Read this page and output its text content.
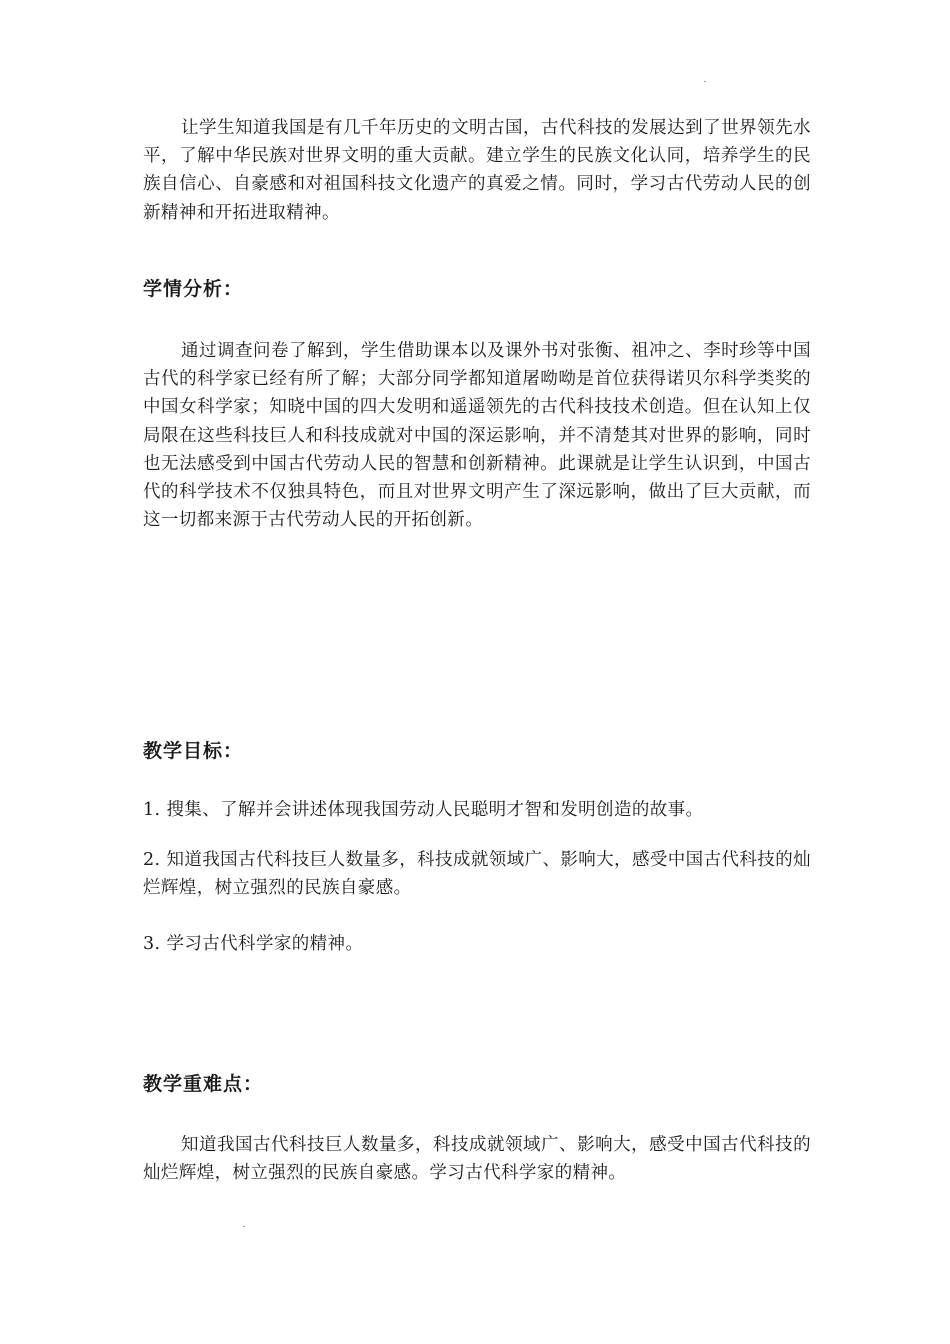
让学生知道我国是有几千年历史的文明古国，古代科技的发展达到了世界领先水平，了解中华民族对世界文明的重大贡献。建立学生的民族文化认同，培养学生的民族自信心、自豪感和对祖国科技文化遗产的真爱之情。同时，学习古代劳动人民的创新精神和开拓进取精神。

学情分析：

通过调查问卷了解到，学生借助课本以及课外书对张衡、祖冲之、李时珍等中国古代的科学家已经有所了解；大部分同学都知道屠呦呦是首位获得诺贝尔科学类奖的中国女科学家；知晓中国的四大发明和遥遥领先的古代科技技术创造。但在认知上仅局限在这些科技巨人和科技成就对中国的深运影响，并不清楚其对世界的影响，同时也无法感受到中国古代劳动人民的智慧和创新精神。此课就是让学生认识到，中国古代的科学技术不仅独具特色，而且对世界文明产生了深远影响，做出了巨大贡献，而这一切都来源于古代劳动人民的开拓创新。

教学目标：

1. 搜集、了解并会讲述体现我国劳动人民聪明才智和发明创造的故事。

2. 知道我国古代科技巨人数量多，科技成就领域广、影响大，感受中国古代科技的灿烂辉煌，树立强烈的民族自豪感。

3. 学习古代科学家的精神。

教学重难点：

知道我国古代科技巨人数量多，科技成就领域广、影响大，感受中国古代科技的灿烂辉煌，树立强烈的民族自豪感。学习古代科学家的精神。
